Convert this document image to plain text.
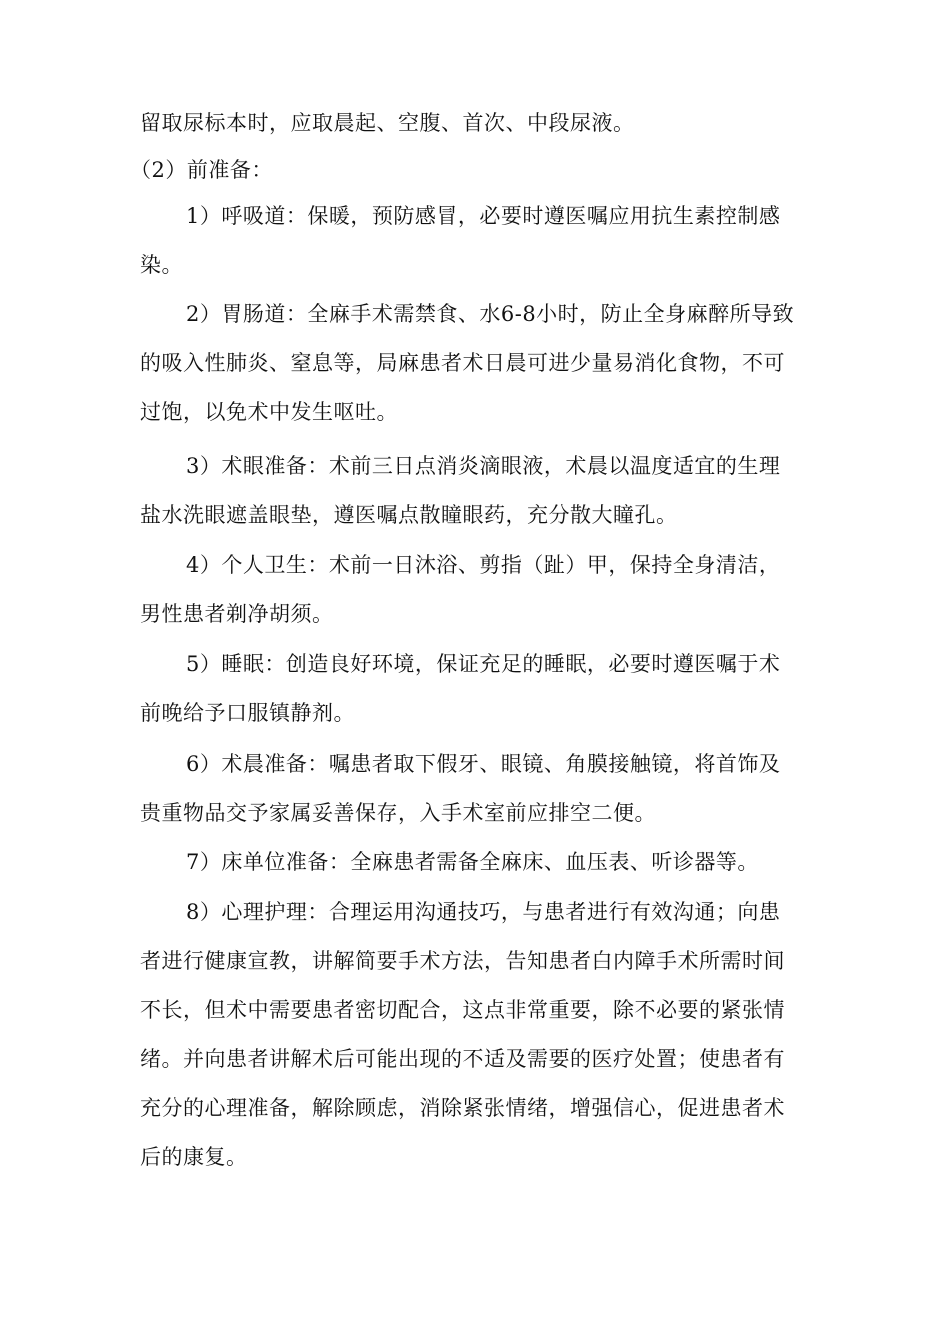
留取尿标本时，应取晨起、空腹、首次、中段尿液。
（2）前准备：
1）呼吸道：保暖，预防感冒，必要时遵医嘱应用抗生素控制感
染。
2）胃肠道：全麻手术需禁食、水6-8小时，防止全身麻醉所导致
的吸入性肺炎、窒息等，局麻患者术日晨可进少量易消化食物，不可
过饱，以免术中发生呕吐。
3）术眼准备：术前三日点消炎滴眼液，术晨以温度适宜的生理
盐水洗眼遮盖眼垫，遵医嘱点散瞳眼药，充分散大瞳孔。
4）个人卫生：术前一日沐浴、剪指（趾）甲，保持全身清洁，
男性患者剃净胡须。
5）睡眠：创造良好环境，保证充足的睡眠，必要时遵医嘱于术
前晚给予口服镇静剂。
6）术晨准备：嘱患者取下假牙、眼镜、角膜接触镜，将首饰及
贵重物品交予家属妥善保存，入手术室前应排空二便。
7）床单位准备：全麻患者需备全麻床、血压表、听诊器等。
8）心理护理：合理运用沟通技巧，与患者进行有效沟通；向患
者进行健康宣教，讲解简要手术方法，告知患者白内障手术所需时间
不长，但术中需要患者密切配合，这点非常重要，除不必要的紧张情
绪。并向患者讲解术后可能出现的不适及需要的医疗处置；使患者有
充分的心理准备，解除顾虑，消除紧张情绪，增强信心，促进患者术
后的康复。
